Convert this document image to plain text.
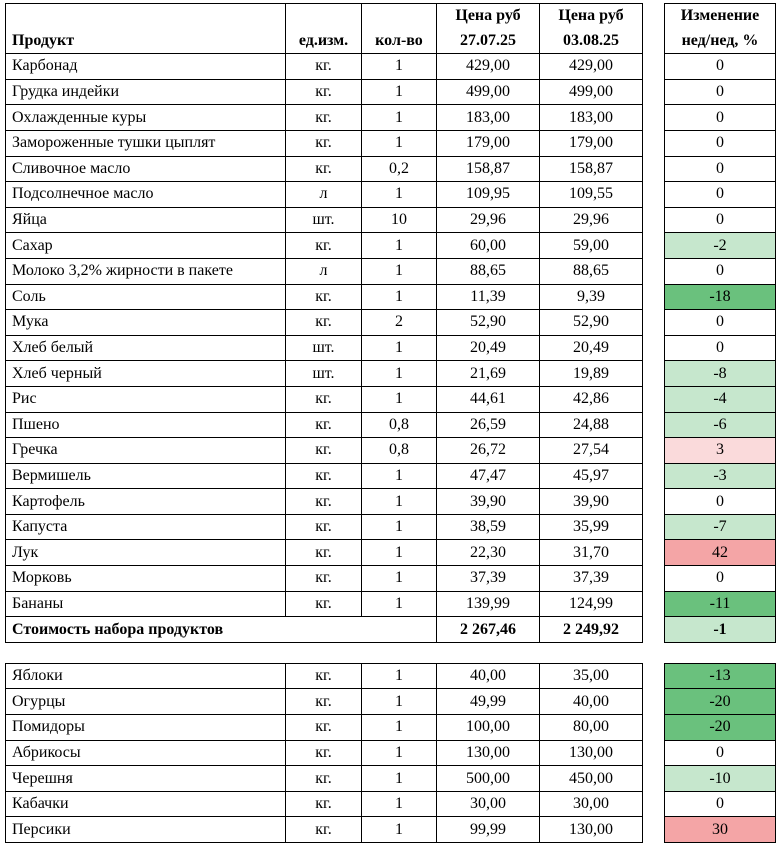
Продукт	ед.изм.	кол-во	Цена руб	Цена руб		Изменение
			27.07.25	03.08.25		нед/нед, %
Карбонад	кг.	1	429,00	429,00		0
Грудка индейки	кг.	1	499,00	499,00		0
Охлажденные куры	кг.	1	183,00	183,00		0
Замороженные тушки цыплят	кг.	1	179,00	179,00		0
Сливочное масло	кг.	0,2	158,87	158,87		0
Подсолнечное масло	л	1	109,95	109,55		0
Яйца	шт.	10	29,96	29,96		0
Сахар	кг.	1	60,00	59,00		-2
Молоко 3,2% жирности в пакете	л	1	88,65	88,65		0
Соль	кг.	1	11,39	9,39		-18
Мука	кг.	2	52,90	52,90		0
Хлеб белый	шт.	1	20,49	20,49		0
Хлеб черный	шт.	1	21,69	19,89		-8
Рис	кг.	1	44,61	42,86		-4
Пшено	кг.	0,8	26,59	24,88		-6
Гречка	кг.	0,8	26,72	27,54		3
Вермишель	кг.	1	47,47	45,97		-3
Картофель	кг.	1	39,90	39,90		0
Капуста	кг.	1	38,59	35,99		-7
Лук	кг.	1	22,30	31,70		42
Морковь	кг.	1	37,39	37,39		0
Бананы	кг.	1	139,99	124,99		-11
Стоимость набора продуктов			2 267,46	2 249,92		-1

Яблоки	кг.	1	40,00	35,00		-13
Огурцы	кг.	1	49,99	40,00		-20
Помидоры	кг.	1	100,00	80,00		-20
Абрикосы	кг.	1	130,00	130,00		0
Черешня	кг.	1	500,00	450,00		-10
Кабачки	кг.	1	30,00	30,00		0
Персики	кг.	1	99,99	130,00		30
